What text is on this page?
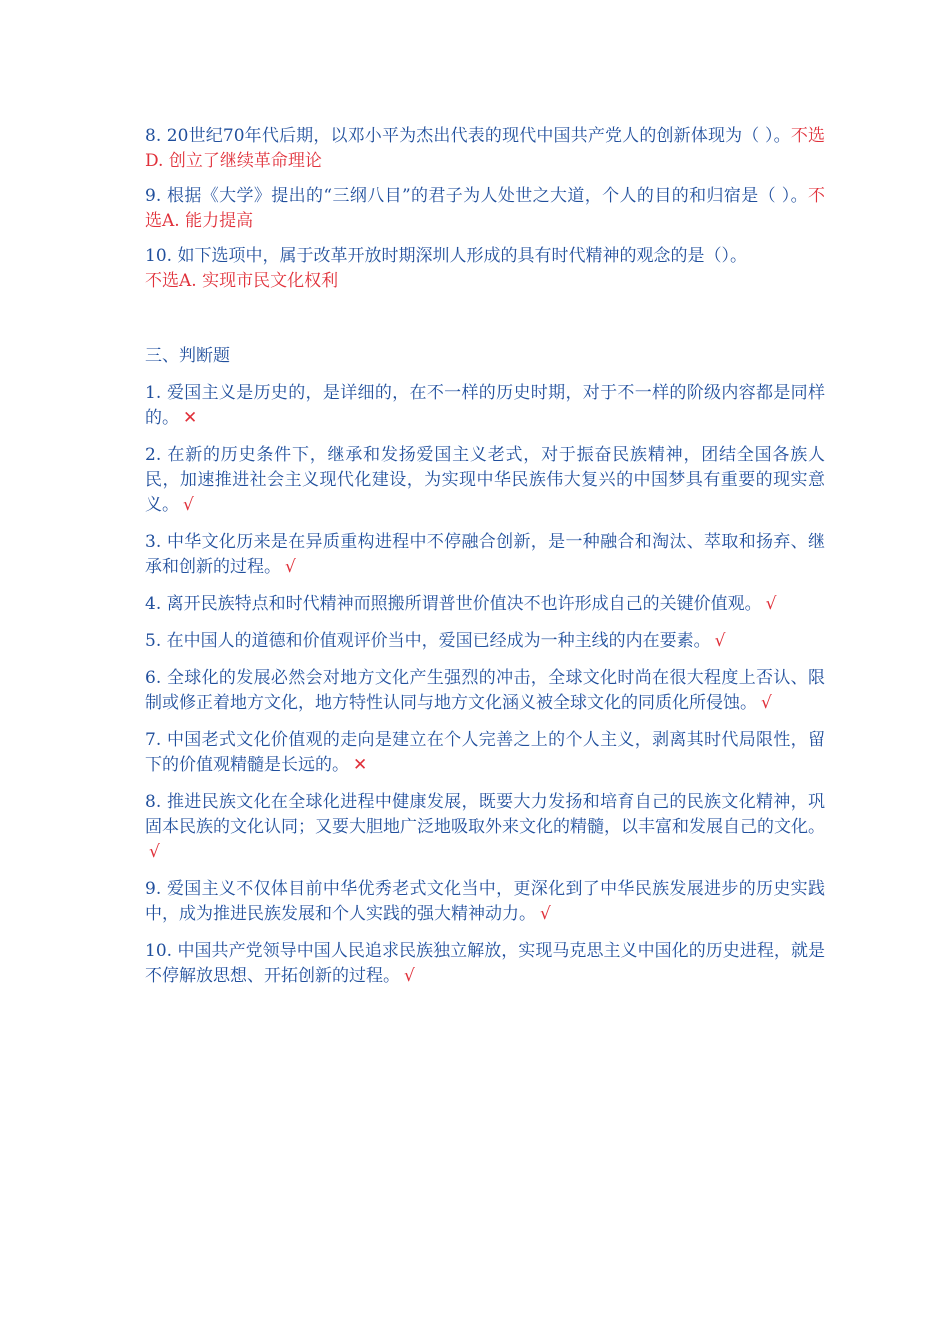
8. 20世纪70年代后期，以邓小平为杰出代表的现代中国共产党人的创新体现为（ ）。不选D. 创立了继续革命理论

9. 根据《大学》提出的“三纲八目”的君子为人处世之大道，个人的目的和归宿是（ ）。不选A. 能力提高

10. 如下选项中，属于改革开放时期深圳人形成的具有时代精神的观念的是（）。
不选A. 实现市民文化权利

三、判断题

1. 爱国主义是历史的，是详细的，在不一样的历史时期，对于不一样的阶级内容都是同样的。 ✕

2. 在新的历史条件下，继承和发扬爱国主义老式，对于振奋民族精神，团结全国各族人民，加速推进社会主义现代化建设，为实现中华民族伟大复兴的中国梦具有重要的现实意义。 √

3. 中华文化历来是在异质重构进程中不停融合创新，是一种融合和淘汰、萃取和扬弃、继承和创新的过程。 √

4. 离开民族特点和时代精神而照搬所谓普世价值决不也许形成自己的关键价值观。 √

5. 在中国人的道德和价值观评价当中，爱国已经成为一种主线的内在要素。 √

6. 全球化的发展必然会对地方文化产生强烈的冲击，全球文化时尚在很大程度上否认、限制或修正着地方文化，地方特性认同与地方文化涵义被全球文化的同质化所侵蚀。 √

7. 中国老式文化价值观的走向是建立在个人完善之上的个人主义，剥离其时代局限性，留下的价值观精髓是长远的。 ✕

8. 推进民族文化在全球化进程中健康发展，既要大力发扬和培育自己的民族文化精神，巩固本民族的文化认同；又要大胆地广泛地吸取外来文化的精髓，以丰富和发展自己的文化。√

9. 爱国主义不仅体目前中华优秀老式文化当中，更深化到了中华民族发展进步的历史实践中，成为推进民族发展和个人实践的强大精神动力。 √

10. 中国共产党领导中国人民追求民族独立解放，实现马克思主义中国化的历史进程，就是不停解放思想、开拓创新的过程。 √
